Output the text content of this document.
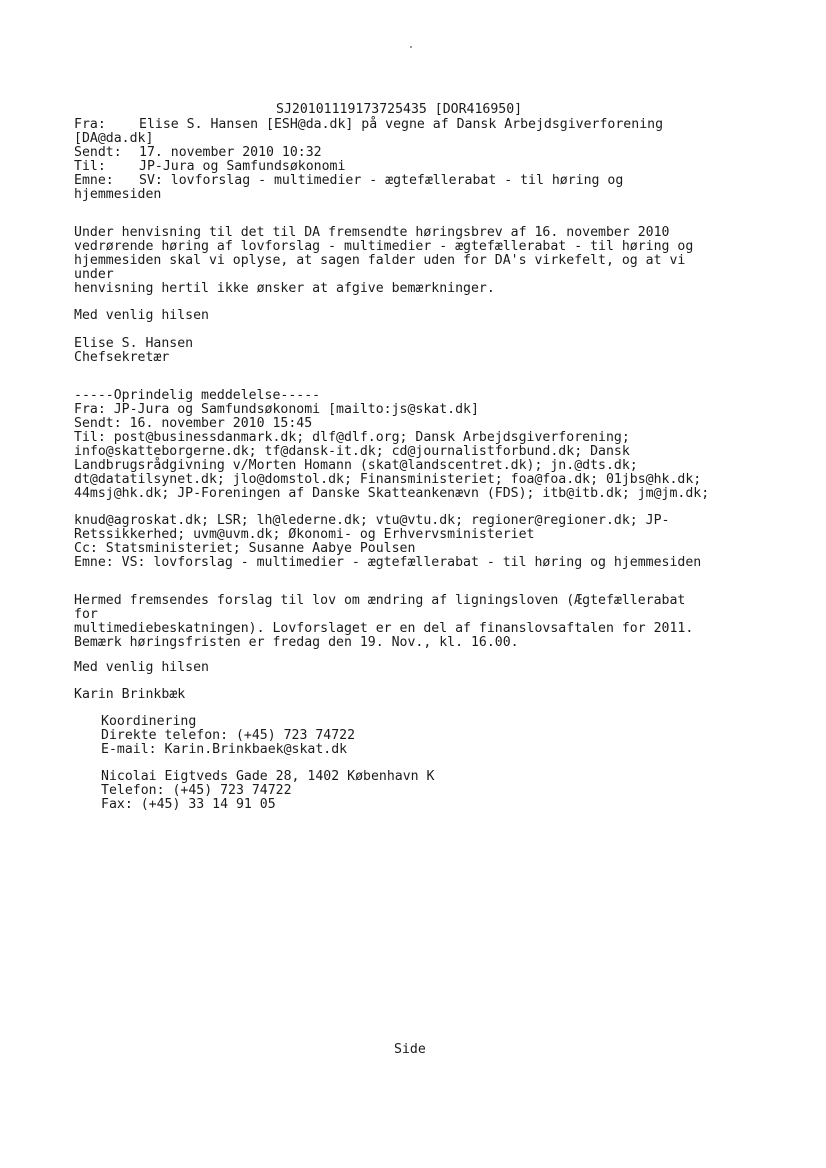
SJ20101119173725435 [DOR416950]
Fra:	Elise S. Hansen [ESH@da.dk] på vegne af Dansk Arbejdsgiverforening
[DA@da.dk]
Sendt: 17. november 2010 10:32
Til:	JP-Jura og Samfundsøkonomi
Emne: SV: lovforslag - multimedier - ægtefællerabat - til høring og
hjemmesiden
Under henvisning til det til DA fremsendte høringsbrev af 16. november 2010
vedrørende høring af lovforslag - multimedier - ægtefællerabat - til høring og
hjemmesiden skal vi oplyse, at sagen falder uden for DA's virkefelt, og at vi
under
henvisning hertil ikke ønsker at afgive bemærkninger.
Med venlig hilsen
Elise S. Hansen
Chefsekretær
-----Oprindelig meddelelse-----
Fra: JP-Jura og Samfundsøkonomi [mailto:js@skat.dk]
Sendt: 16. november 2010 15:45
Til: post@businessdanmark.dk; dlf@dlf.org; Dansk Arbejdsgiverforening;
info@skatteborgerne.dk; tf@dansk-it.dk; cd@journalistforbund.dk; Dansk
Landbrugsrådgivning v/Morten Homann (skat@landscentret.dk); jn.@dts.dk;
dt@datatilsynet.dk; jlo@domstol.dk; Finansministeriet; foa@foa.dk; 01jbs@hk.dk;
44msj@hk.dk; JP-Foreningen af Danske Skatteankenævn (FDS); itb@itb.dk; jm@jm.dk;
knud@agroskat.dk; LSR; lh@lederne.dk; vtu@vtu.dk; regioner@regioner.dk; JP-
Retssikkerhed; uvm@uvm.dk; Økonomi- og Erhvervsministeriet
Cc: Statsministeriet; Susanne Aabye Poulsen
Emne: VS: lovforslag - multimedier - ægtefællerabat - til høring og hjemmesiden
Hermed fremsendes forslag til lov om ændring af ligningsloven (Ægtefællerabat
for
multimediebeskatningen). Lovforslaget er en del af finanslovsaftalen for 2011.
Bemærk høringsfristen er fredag den 19. Nov., kl. 16.00.
Med venlig hilsen
Karin Brinkbæk
Koordinering
Direkte telefon: (+45) 723 74722
E-mail: Karin.Brinkbaek@skat.dk
Nicolai Eigtveds Gade 28, 1402 København K
Telefon: (+45) 723 74722
Fax: (+45) 33 14 91 05
Side
